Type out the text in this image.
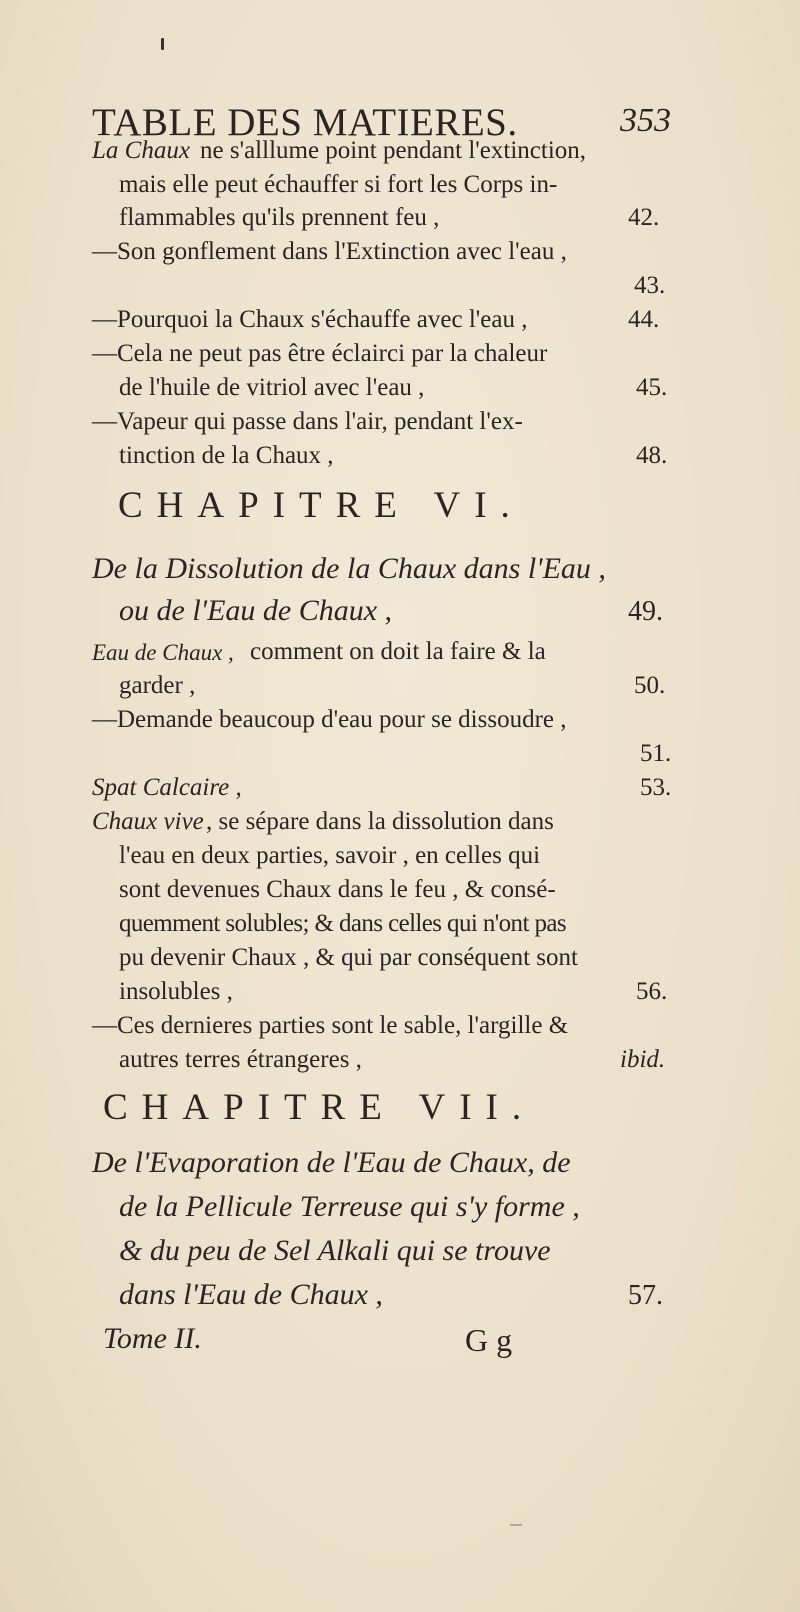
TABLE DES MATIERES.	353
La Chaux ne s'alllume point pendant l'extinction,
mais elle peut échauffer si fort les Corps in-
flammables qu'ils prennent feu ,	42.
—Son gonflement dans l'Extinction avec l'eau ,
43.
—Pourquoi la Chaux s'échauffe avec l'eau ,	44.
—Cela ne peut pas être éclairci par la chaleur
de l'huile de vitriol avec l'eau ,	45.
—Vapeur qui passe dans l'air, pendant l'ex-
tinction de la Chaux ,	48.
CHAPITRE VI.
De la Dissolution de la Chaux dans l'Eau ,
ou de l'Eau de Chaux ,	49.
Eau de Chaux , comment on doit la faire & la
garder ,	50.
—Demande beaucoup d'eau pour se dissoudre ,
51.
Spat Calcaire ,	53.
Chaux vive , se sépare dans la dissolution dans
l'eau en deux parties, savoir , en celles qui
sont devenues Chaux dans le feu , & consé-
quemment solubles; & dans celles qui n'ont pas
pu devenir Chaux , & qui par conséquent sont
insolubles ,	56.
—Ces dernieres parties sont le sable, l'argille &
autres terres étrangeres ,	ibid.
CHAPITRE VII.
De l'Evaporation de l'Eau de Chaux, de
de la Pellicule Terreuse qui s'y forme ,
& du peu de Sel Alkali qui se trouve
dans l'Eau de Chaux ,	57.
Tome II.	G g
